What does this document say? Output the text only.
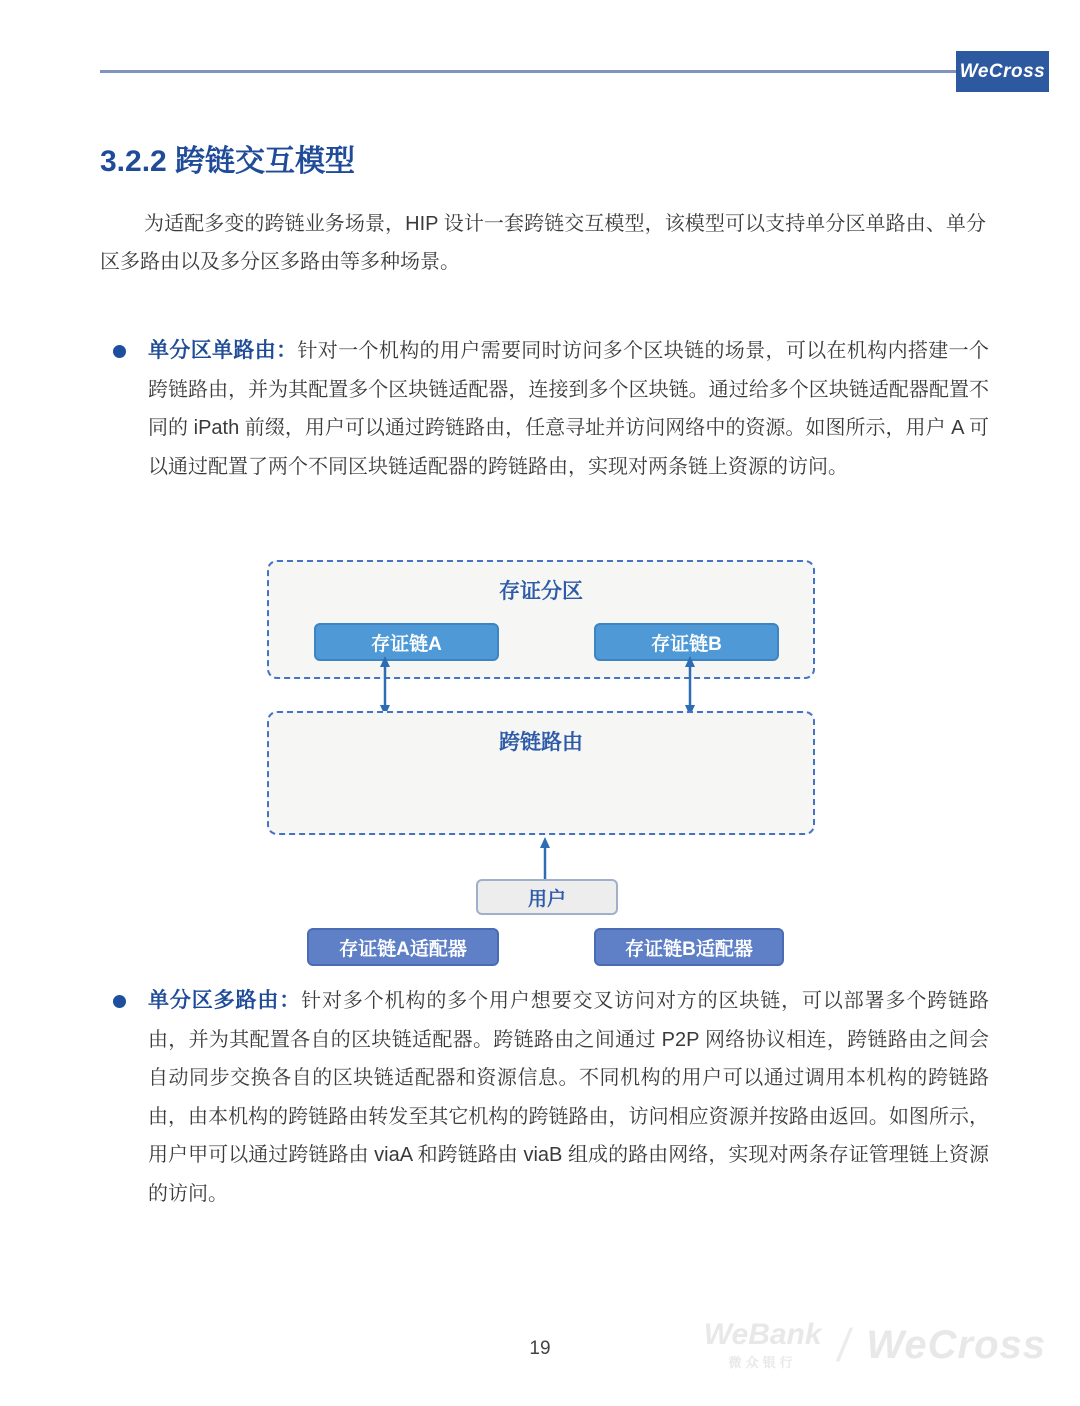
WeCross
3.2.2 跨链交互模型
为适配多变的跨链业务场景，HIP 设计一套跨链交互模型，该模型可以支持单分区单路由、单分区多路由以及多分区多路由等多种场景。
单分区单路由：针对一个机构的用户需要同时访问多个区块链的场景，可以在机构内搭建一个跨链路由，并为其配置多个区块链适配器，连接到多个区块链。通过给多个区块链适配器配置不同的 iPath 前缀，用户可以通过跨链路由，任意寻址并访问网络中的资源。如图所示，用户 A 可以通过配置了两个不同区块链适配器的跨链路由，实现对两条链上资源的访问。
存证分区
存证链A	存证链B
跨链路由
存证链A适配器	存证链B适配器
用户
单分区多路由：针对多个机构的多个用户想要交叉访问对方的区块链，可以部署多个跨链路由，并为其配置各自的区块链适配器。跨链路由之间通过 P2P 网络协议相连，跨链路由之间会自动同步交换各自的区块链适配器和资源信息。不同机构的用户可以通过调用本机构的跨链路由，由本机构的跨链路由转发至其它机构的跨链路由，访问相应资源并按路由返回。如图所示，用户甲可以通过跨链路由 viaA 和跨链路由 viaB 组成的路由网络，实现对两条存证管理链上资源的访问。
19	WeBank
微众银行 / WeCross
